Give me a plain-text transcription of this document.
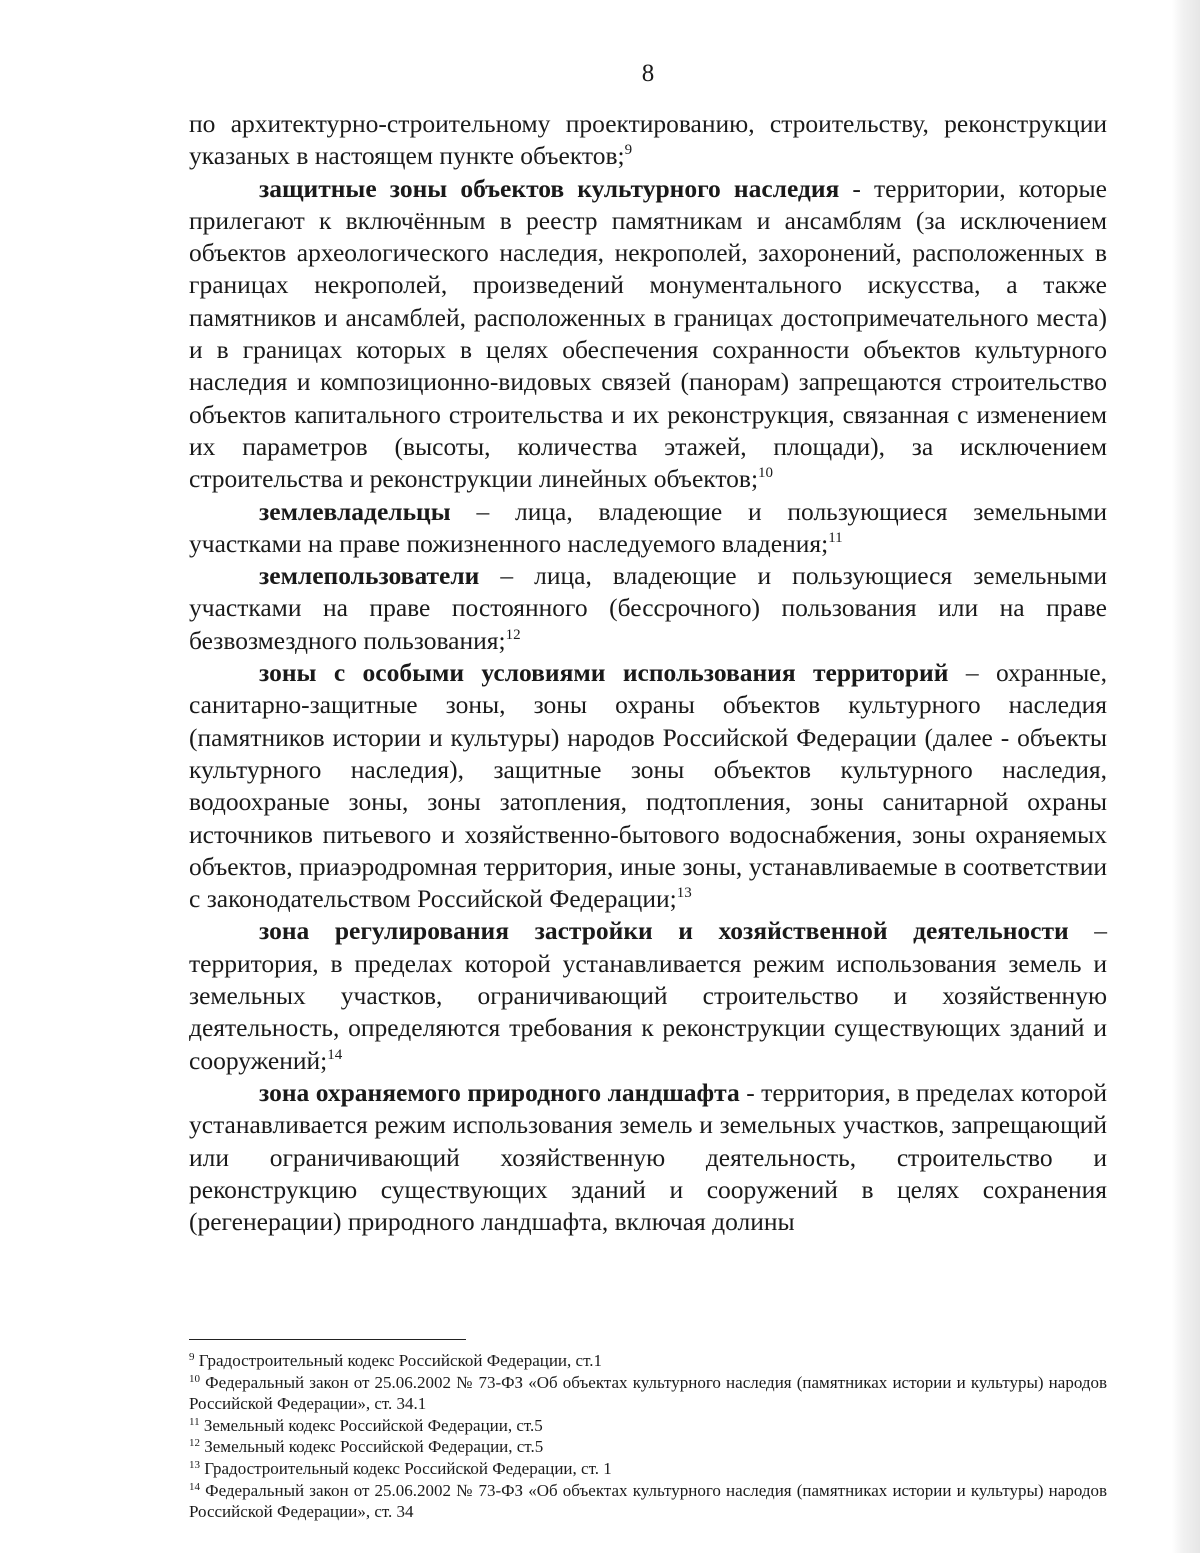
8

по архитектурно-строительному проектированию, строительству, реконструкции указаных в настоящем пункте объектов;$^9$

защитные зоны объектов культурного наследия - территории, которые прилегают к включённым в реестр памятникам и ансамблям (за исключением объектов археологического наследия, некрополей, захоронений, расположенных в границах некрополей, произведений монументального искусства, а также памятников и ансамблей, расположенных в границах достопримечательного места) и в границах которых в целях обеспечения сохранности объектов культурного наследия и композиционно-видовых связей (панорам) запрещаются строительство объектов капитального строительства и их реконструкция, связанная с изменением их параметров (высоты, количества этажей, площади), за исключением строительства и реконструкции линейных объектов;$^{10}$

землевладельцы – лица, владеющие и пользующиеся земельными участками на праве пожизненного наследуемого владения;$^{11}$

землепользователи – лица, владеющие и пользующиеся земельными участками на праве постоянного (бессрочного) пользования или на праве безвозмездного пользования;$^{12}$

зоны с особыми условиями использования территорий – охранные, санитарно-защитные зоны, зоны охраны объектов культурного наследия (памятников истории и культуры) народов Российской Федерации (далее - объекты культурного наследия), защитные зоны объектов культурного наследия, водоохраные зоны, зоны затопления, подтопления, зоны санитарной охраны источников питьевого и хозяйственно-бытового водоснабжения, зоны охраняемых объектов, приаэродромная территория, иные зоны, устанавливаемые в соответствии с законодательством Российской Федерации;$^{13}$

зона регулирования застройки и хозяйственной деятельности – территория, в пределах которой устанавливается режим использования земель и земельных участков, ограничивающий строительство и хозяйственную деятельность, определяются требования к реконструкции существующих зданий и сооружений;$^{14}$

зона охраняемого природного ландшафта - территория, в пределах которой устанавливается режим использования земель и земельных участков, запрещающий или ограничивающий хозяйственную деятельность, строительство и реконструкцию существующих зданий и сооружений в целях сохранения (регенерации) природного ландшафта, включая долины

$^9$ Градостроительный кодекс Российской Федерации, ст.1

$^{10}$ Федеральный закон от 25.06.2002 № 73-ФЗ «Об объектах культурного наследия (памятниках истории и культуры) народов Российской Федерации», ст. 34.1

$^{11}$ Земельный кодекс Российской Федерации, ст.5

$^{12}$ Земельный кодекс Российской Федерации, ст.5

$^{13}$ Градостроительный кодекс Российской Федерации, ст. 1

$^{14}$ Федеральный закон от 25.06.2002 № 73-ФЗ «Об объектах культурного наследия (памятниках истории и культуры) народов Российской Федерации», ст. 34
